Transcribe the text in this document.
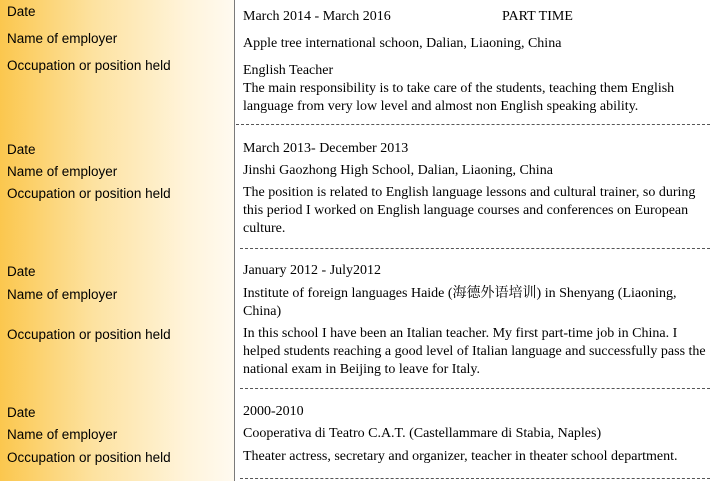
Date
Name of employer
Occupation or position held
March 2014 - March 2016	PART TIME
Apple tree international schoon, Dalian, Liaoning, China
English Teacher
The main responsibility is to take care of the students, teaching them English language from very low level and almost non English speaking ability.
Date
Name of employer
Occupation or position held
March 2013- December 2013
Jinshi Gaozhong High School, Dalian, Liaoning, China
The position is related to English language lessons and cultural trainer, so during this period I worked on English language courses and conferences on European culture.
Date
Name of employer
Occupation or position held
January 2012 - July2012
Institute of foreign languages Haide (海德外语培训) in Shenyang (Liaoning, China)
In this school I have been an Italian teacher. My first part-time job in China. I helped students reaching a good level of Italian language and successfully pass the national exam in Beijing to leave for Italy.
Date
Name of employer
Occupation or position held
2000-2010
Cooperativa di Teatro C.A.T. (Castellammare di Stabia, Naples)
Theater actress, secretary and organizer, teacher in theater school department.
